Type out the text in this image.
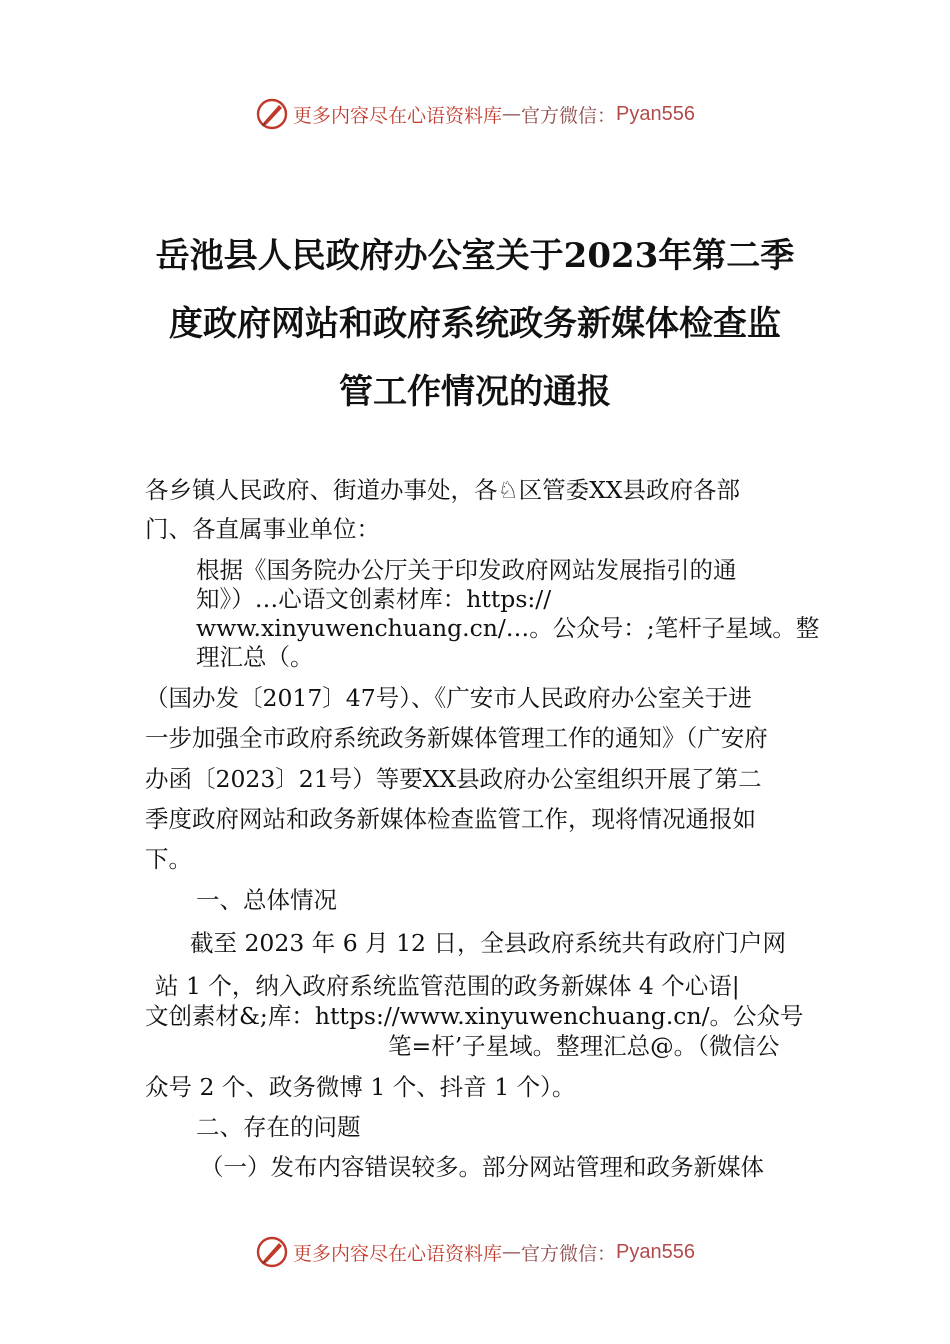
更多内容尽在心语资料库 — 官方微信： Pyan556
岳池县人民政府办公室关于2023年第二季
度政府网站和政府系统政务新媒体检查监
管工作情况的通报
各乡镇人民政府、街道办事处，各♘区管委XX县政府各部
门、各直属事业单位：
根据《国务院办公厅关于印发政府网站发展指引的通
知》）…心语文创素材库：https://
www.xinyuwenchuang.cn/…。公众号：;笔杆子星域。整
理汇总（。
（国办发〔2017〕47号）、《广安市人民政府办公室关于进
一步加强全市政府系统政务新媒体管理工作的通知》（广安府
办函〔2023〕21号）等要XX县政府办公室组织开展了第二
季度政府网站和政务新媒体检查监管工作，现将情况通报如
下。
一、总体情况
截至 2023 年 6 月 12 日，全县政府系统共有政府门户网
站 1 个，纳入政府系统监管范围的政务新媒体 4 个心语|
文创素材&;库：https://www.xinyuwenchuang.cn/。公众号
笔=杆’子星域。整理汇总@。（微信公
众号 2 个、政务微博 1 个、抖音 1 个）。
二、存在的问题
（一）发布内容错误较多。部分网站管理和政务新媒体
更多内容尽在心语资料库 — 官方微信： Pyan556
